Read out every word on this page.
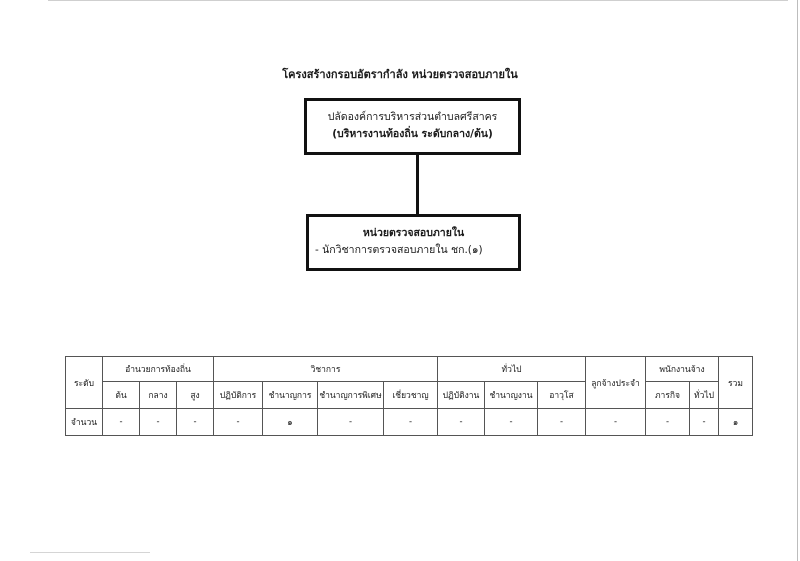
โครงสร้างกรอบอัตรากำลัง หน่วยตรวจสอบภายใน
ปลัดองค์การบริหารส่วนตำบลศรีสาคร
(บริหารงานท้องถิ่น ระดับกลาง/ต้น)
หน่วยตรวจสอบภายใน
- นักวิชาการตรวจสอบภายใน ชก.(๑)
ระดับ	อำนวยการท้องถิ่น			วิชาการ				ทั่วไป			ลูกจ้างประจำ	พนักงานจ้าง		รวม
	ต้น	กลาง	สูง	ปฏิบัติการ	ชำนาญการ	ชำนาญการพิเศษ	เชี่ยวชาญ	ปฏิบัติงาน	ชำนาญงาน	อาวุโส		ภารกิจ	ทั่วไป	
จำนวน	-	-	-	-	๑	-	-	-	-	-	-	-	-	๑
